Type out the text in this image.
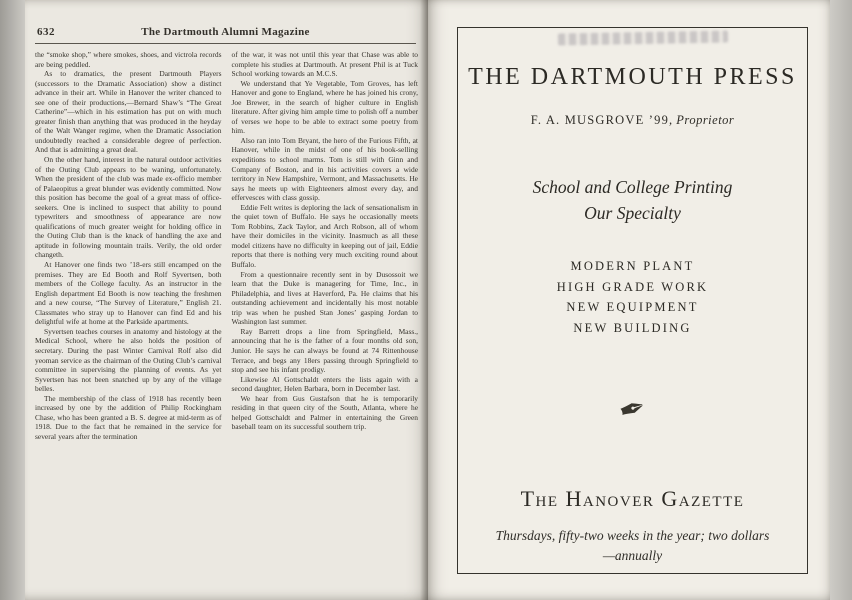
632	The Dartmouth Alumni Magazine

the “smoke shop,” where smokes, shoes, and victrola records are being peddled.

As to dramatics, the present Dartmouth Players (successors to the Dramatic Association) show a distinct advance in their art. While in Hanover the writer chanced to see one of their productions,—Bernard Shaw’s “The Great Catherine”—which in his estimation has put on with much greater finish than anything that was produced in the heyday of the Walt Wanger regime, when the Dramatic Association undoubtedly reached a considerable degree of perfection. And that is admitting a great deal.

On the other hand, interest in the natural outdoor activities of the Outing Club appears to be waning, unfortunately. When the president of the club was made ex-officio member of Palaeopitus a great blunder was evidently committed. Now this position has become the goal of a great mass of office-seekers. One is inclined to suspect that ability to pound typewriters and smoothness of appearance are now qualifications of much greater weight for holding office in the Outing Club than is the knack of handling the axe and aptitude in following mountain trails. Verily, the old order changeth.

At Hanover one finds two ’18-ers still encamped on the premises. They are Ed Booth and Rolf Syvertsen, both members of the College faculty. As an instructor in the English department Ed Booth is now teaching the freshmen and a new course, “The Survey of Literature,” English 21. Classmates who stray up to Hanover can find Ed and his delightful wife at home at the Parkside apartments.

Syvertsen teaches courses in anatomy and histology at the Medical School, where he also holds the position of secretary. During the past Winter Carnival Rolf also did yeoman service as the chairman of the Outing Club’s carnival committee in supervising the planning of events. As yet Syvertsen has not been snatched up by any of the village belles.

The membership of the class of 1918 has recently been increased by one by the addition of Philip Rockingham Chase, who has been granted a B. S. degree at mid-term as of 1918. Due to the fact that he remained in the service for several years after the termination

of the war, it was not until this year that Chase was able to complete his studies at Dartmouth. At present Phil is at Tuck School working towards an M.C.S.

We understand that Ye Vegetable, Tom Groves, has left Hanover and gone to England, where he has joined his crony, Joe Brewer, in the search of higher culture in English literature. After giving him ample time to polish off a number of verses we hope to be able to extract some poetry from him.

Also ran into Tom Bryant, the hero of the Furious Fifth, at Hanover, while in the midst of one of his book-selling expeditions to school marms. Tom is still with Ginn and Company of Boston, and in his activities covers a wide territory in New Hampshire, Vermont, and Massachusetts. He says he meets up with Eighteeners almost every day, and effervesces with class gossip.

Eddie Felt writes is deploring the lack of sensationalism in the quiet town of Buffalo. He says he occasionally meets Tom Robbins, Zack Taylor, and Arch Robson, all of whom have their domiciles in the vicinity. Inasmuch as all these model citizens have no difficulty in keeping out of jail, Eddie reports that there is nothing very much exciting round about Buffalo.

From a questionnaire recently sent in by Dusossoit we learn that the Duke is managering for Time, Inc., in Philadelphia, and lives at Haverford, Pa. He claims that his outstanding achievement and incidentally his most notable trip was when he pushed Stan Jones’ gasping Jordan to Washington last summer.

Ray Barrett drops a line from Springfield, Mass., announcing that he is the father of a four months old son, Junior. He says he can always be found at 74 Rittenhouse Terrace, and begs any 18ers passing through Springfield to stop and see his infant prodigy.

Likewise Al Gottschaldt enters the lists again with a second daughter, Helen Barbara, born in December last.

We hear from Gus Gustafson that he is temporarily residing in that queen city of the South, Atlanta, where he helped Gottschaldt and Palmer in entertaining the Green baseball team on its successful southern trip.

THE DARTMOUTH PRESS
F. A. MUSGROVE ’99, Proprietor
School and College Printing
Our Specialty
MODERN PLANT
HIGH GRADE WORK
NEW EQUIPMENT
NEW BUILDING
✒
The Hanover Gazette
Thursdays, fifty-two weeks in the year; two dollars
—annually
